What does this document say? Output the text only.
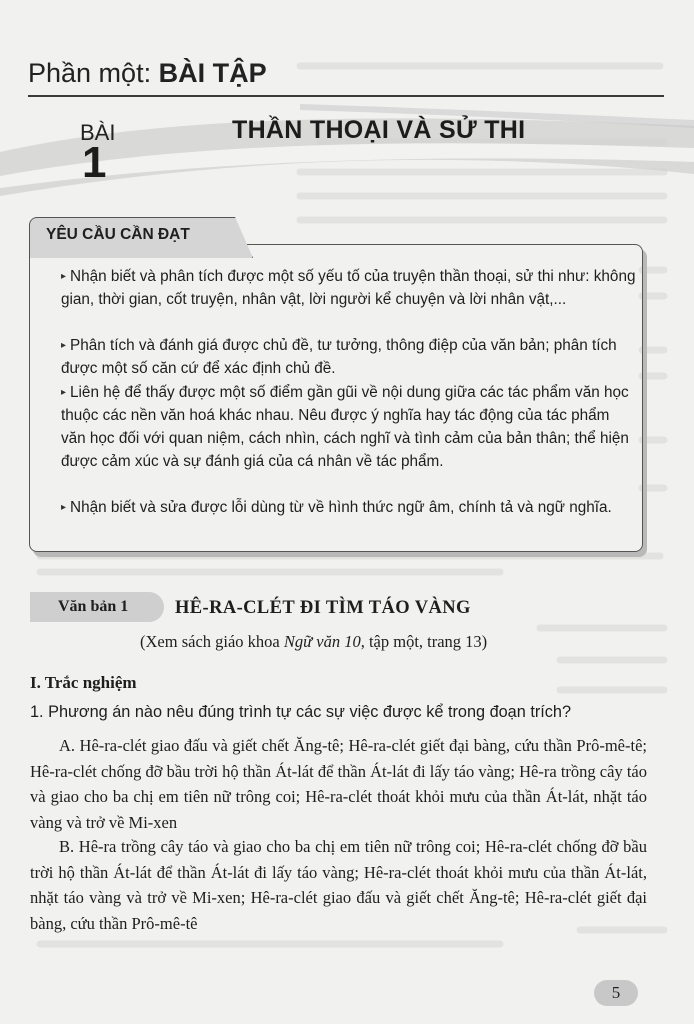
Phần một: BÀI TẬP
BÀI
1
THẦN THOẠI VÀ SỬ THI
YÊU CẦU CẦN ĐẠT
▸ Nhận biết và phân tích được một số yếu tố của truyện thần thoại, sử thi như: không gian, thời gian, cốt truyện, nhân vật, lời người kể chuyện và lời nhân vật,...
▸ Phân tích và đánh giá được chủ đề, tư tưởng, thông điệp của văn bản; phân tích được một số căn cứ để xác định chủ đề.
▸ Liên hệ để thấy được một số điểm gần gũi về nội dung giữa các tác phẩm văn học thuộc các nền văn hoá khác nhau. Nêu được ý nghĩa hay tác động của tác phẩm văn học đối với quan niệm, cách nhìn, cách nghĩ và tình cảm của bản thân; thể hiện được cảm xúc và sự đánh giá của cá nhân về tác phẩm.
▸ Nhận biết và sửa được lỗi dùng từ về hình thức ngữ âm, chính tả và ngữ nghĩa.
Văn bản 1	HÊ-RA-CLÉT ĐI TÌM TÁO VÀNG
(Xem sách giáo khoa Ngữ văn 10, tập một, trang 13)
I. Trắc nghiệm
1. Phương án nào nêu đúng trình tự các sự việc được kể trong đoạn trích?
A. Hê-ra-clét giao đấu và giết chết Ăng-tê; Hê-ra-clét giết đại bàng, cứu thần Prô-mê-tê; Hê-ra-clét chống đỡ bầu trời hộ thần Át-lát để thần Át-lát đi lấy táo vàng; Hê-ra trồng cây táo và giao cho ba chị em tiên nữ trông coi; Hê-ra-clét thoát khỏi mưu của thần Át-lát, nhặt táo vàng và trở về Mi-xen
B. Hê-ra trồng cây táo và giao cho ba chị em tiên nữ trông coi; Hê-ra-clét chống đỡ bầu trời hộ thần Át-lát để thần Át-lát đi lấy táo vàng; Hê-ra-clét thoát khỏi mưu của thần Át-lát, nhặt táo vàng và trở về Mi-xen; Hê-ra-clét giao đấu và giết chết Ăng-tê; Hê-ra-clét giết đại bàng, cứu thần Prô-mê-tê
5
